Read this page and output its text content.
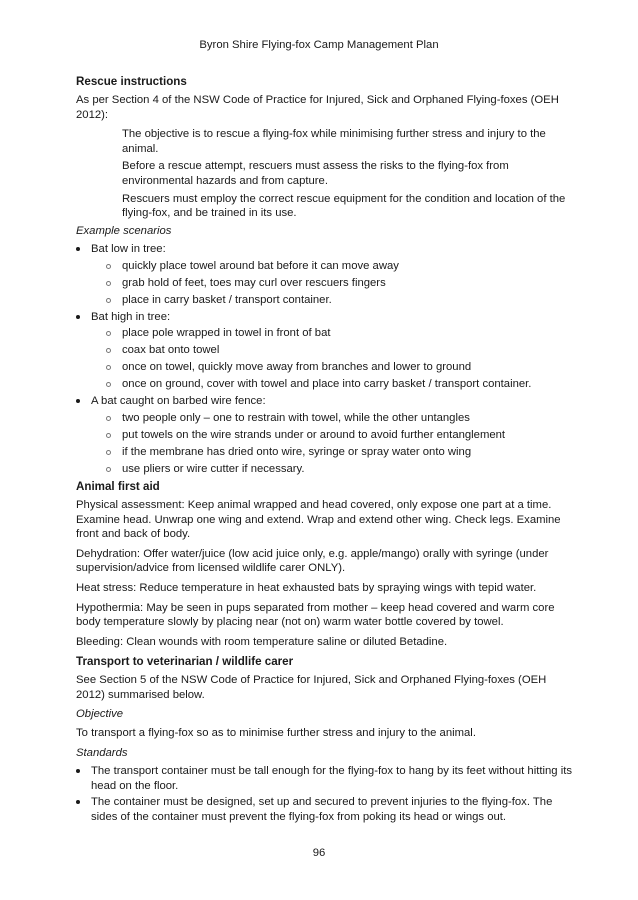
Byron Shire Flying-fox Camp Management Plan
Rescue instructions

As per Section 4 of the NSW Code of Practice for Injured, Sick and Orphaned Flying-foxes (OEH 2012):

The objective is to rescue a flying-fox while minimising further stress and injury to the animal.

Before a rescue attempt, rescuers must assess the risks to the flying-fox from environmental hazards and from capture.

Rescuers must employ the correct rescue equipment for the condition and location of the flying-fox, and be trained in its use.

Example scenarios

Bat low in tree:
quickly place towel around bat before it can move away
grab hold of feet, toes may curl over rescuers fingers
place in carry basket / transport container.
Bat high in tree:
place pole wrapped in towel in front of bat
coax bat onto towel
once on towel, quickly move away from branches and lower to ground
once on ground, cover with towel and place into carry basket / transport container.
A bat caught on barbed wire fence:
two people only – one to restrain with towel, while the other untangles
put towels on the wire strands under or around to avoid further entanglement
if the membrane has dried onto wire, syringe or spray water onto wing
use pliers or wire cutter if necessary.
Animal first aid

Physical assessment: Keep animal wrapped and head covered, only expose one part at a time. Examine head. Unwrap one wing and extend. Wrap and extend other wing. Check legs. Examine front and back of body.

Dehydration: Offer water/juice (low acid juice only, e.g. apple/mango) orally with syringe (under supervision/advice from licensed wildlife carer ONLY).

Heat stress: Reduce temperature in heat exhausted bats by spraying wings with tepid water.

Hypothermia: May be seen in pups separated from mother – keep head covered and warm core body temperature slowly by placing near (not on) warm water bottle covered by towel.

Bleeding: Clean wounds with room temperature saline or diluted Betadine.

Transport to veterinarian / wildlife carer

See Section 5 of the NSW Code of Practice for Injured, Sick and Orphaned Flying-foxes (OEH 2012) summarised below.

Objective

To transport a flying-fox so as to minimise further stress and injury to the animal.

Standards

The transport container must be tall enough for the flying-fox to hang by its feet without hitting its head on the floor.
The container must be designed, set up and secured to prevent injuries to the flying-fox. The sides of the container must prevent the flying-fox from poking its head or wings out.
96
